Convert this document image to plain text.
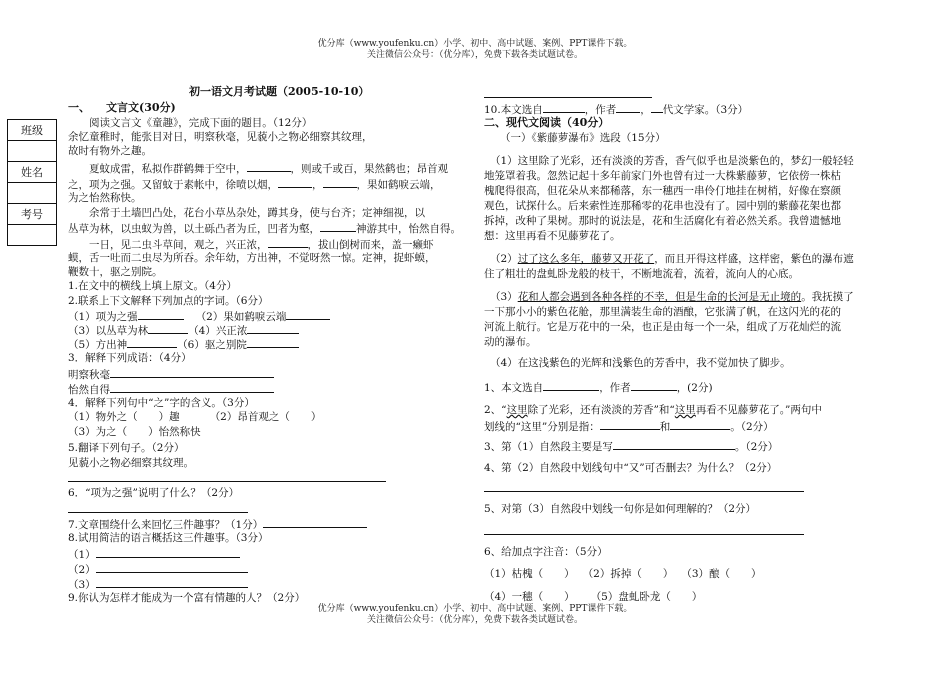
优分库（www.youfenku.cn）小学、初中、高中试题、案例、PPT课件下载。
关注微信公众号：（优分库），免费下载各类试题试卷。
班级

姓名

考号

初一语文月考试题（2005-10-10）
一、 文言文(30分)
阅读文言文《童趣》，完成下面的题目。（12分）
余忆童稚时，能张目对日，明察秋毫，见藐小之物必细察其纹理，
故时有物外之趣。
夏蚊成雷，私拟作群鹤舞于空中，	，则或千或百，果然鹤也；昂首观
之，项为之强。又留蚊于素帐中，徐喷以烟，	，	，果如鹤唳云端，
为之怡然称快。
余常于土墙凹凸处，花台小草丛杂处，蹲其身，使与台齐；定神细视，以
丛草为林，以虫蚁为兽，以土砾凸者为丘，凹者为壑，	神游其中，怡然自得。
一日，见二虫斗草间，观之，兴正浓，	，拔山倒树而来，盖一癞虾
蟆，舌一吐而二虫尽为所吞。余年幼，方出神，不觉呀然一惊。定神，捉虾蟆，
鞭数十，驱之别院。
1.在文中的横线上填上原文。（4分）
2.联系上下文解释下列加点的字词。（6分）
（1）项为之强	（2）果如鹤唳云端
（3）以丛草为林	（4）兴正浓
（5）方出神	（6）驱之别院
3．解释下列成语：（4分）
明察秋毫
怡然自得
4．解释下列句中“之”字的含义。（3分）
（1）物外之（　　）趣	（2）昂首观之（　　）
（3）为之（　　）怡然称快
5.翻译下列句子。（2分）
见藐小之物必细察其纹理。
6．“项为之强”说明了什么？（2分）
7.文章围绕什么来回忆三件趣事？（1分）
8.试用简洁的语言概括这三件趣事。（3分）
（1）
（2）
（3）
9.你认为怎样才能成为一个富有情趣的人？（2分）
10.本文选自	，作者 ， 代文学家。（3分）
二、现代文阅读（40分）
（一）《紫藤萝瀑布》选段（15分）
（1）这里除了光彩，还有淡淡的芳香，香气似乎也是淡紫色的，梦幻一般轻轻
地笼罩着我。忽然记起十多年前家门外也曾有过一大株紫藤萝，它依傍一株枯
槐爬得很高，但花朵从来都稀落，东一穗西一串伶仃地挂在树梢，好像在察颜
观色，试探什么。后来索性连那稀零的花串也没有了。园中别的紫藤花架也都
拆掉，改种了果树。那时的说法是，花和生活腐化有着必然关系。我曾遗憾地
想：这里再看不见藤萝花了。
（2）过了这么多年，藤萝又开花了，而且开得这样盛，这样密，紫色的瀑布遮
住了粗壮的盘虬卧龙般的枝干，不断地流着，流着，流向人的心底。
（3）花和人都会遇到各种各样的不幸，但是生命的长河是无止境的。我抚摸了
一下那小小的紫色花舱，那里满装生命的酒酿，它张满了帆，在这闪光的花的
河流上航行。它是万花中的一朵，也正是由每一个一朵，组成了万花灿烂的流
动的瀑布。
（4）在这浅紫色的光辉和浅紫色的芳香中，我不觉加快了脚步。
1、本文选自	，作者	，(2分)
2、“这里除了光彩，还有淡淡的芳香”和“这里再看不见藤萝花了。”两句中
划线的“这里”分别是指：	和	。（2分）
3、第（1）自然段主要是写	。（2分）
4、第（2）自然段中划线句中“又”可否删去？为什么？（2分）
5、对第（3）自然段中划线一句你是如何理解的？（2分）
6、给加点字注音：（5分）
（1）枯槐（　　） （2）拆掉（　　） （3）酿（　　）
（4）一穗（　　） （5）盘虬卧龙（　　）
优分库（www.youfenku.cn）小学、初中、高中试题、案例、PPT课件下载。
关注微信公众号：（优分库），免费下载各类试题试卷。
